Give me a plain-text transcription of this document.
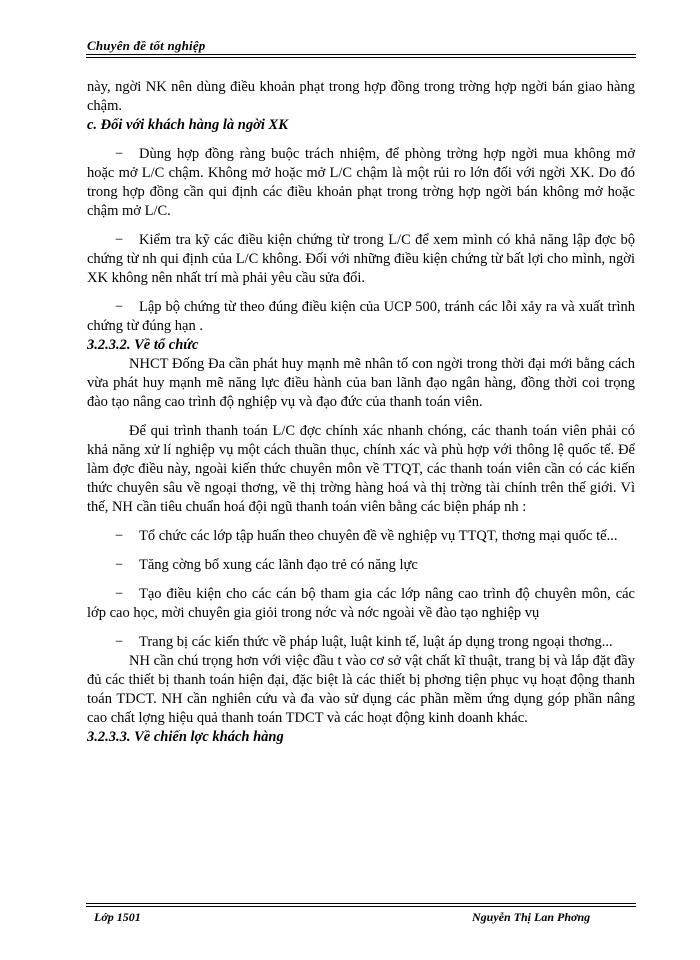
Chuyên đề tốt nghiệp

này, ngời NK nên dùng điều khoản phạt trong hợp đồng trong trờng hợp ngời bán giao hàng chậm.

c. Đối với khách hàng là ngời XK

− Dùng hợp đồng ràng buộc trách nhiệm, để phòng trờng hợp ngời mua không mở hoặc mở L/C chậm. Không mở hoặc mở L/C chậm là một rủi ro lớn đối với ngời XK. Do đó trong hợp đồng cần qui định các điều khoản phạt trong trờng hợp ngời bán không mở hoặc chậm mở L/C.

− Kiểm tra kỹ các điều kiện chứng từ trong L/C để xem mình có khả năng lập đợc bộ chứng từ nh qui định của L/C không. Đối với những điều kiện chứng từ bất lợi cho mình, ngời XK không nên nhất trí mà phải yêu cầu sửa đổi.

− Lập bộ chứng từ theo đúng điều kiện của UCP 500, tránh các lỗi xảy ra và xuất trình chứng từ đúng hạn .

3.2.3.2. Về tổ chức

NHCT Đống Đa cần phát huy mạnh mẽ nhân tố con ngời trong thời đại mới bằng cách vừa phát huy mạnh mẽ năng lực điều hành của ban lãnh đạo ngân hàng, đồng thời coi trọng đào tạo nâng cao trình độ nghiệp vụ và đạo đức của thanh toán viên.

Để qui trình thanh toán L/C đợc chính xác nhanh chóng, các thanh toán viên phải có khả năng xử lí nghiệp vụ một cách thuần thục, chính xác và phù hợp với thông lệ quốc tế. Để làm đợc điều này, ngoài kiến thức chuyên môn về TTQT, các thanh toán viên cần có các kiến thức chuyên sâu về ngoại thơng, về thị trờng hàng hoá và thị trờng tài chính trên thế giới. Vì thế, NH cần tiêu chuẩn hoá đội ngũ thanh toán viên bằng các biện pháp nh :

− Tổ chức các lớp tập huấn theo chuyên đề về nghiệp vụ TTQT, thơng mại quốc tế...

− Tăng cờng bổ xung các lãnh đạo trẻ có năng lực

− Tạo điều kiện cho các cán bộ tham gia các lớp nâng cao trình độ chuyên môn, các lớp cao học, mời chuyên gia giỏi trong nớc và nớc ngoài về đào tạo nghiệp vụ

− Trang bị các kiến thức về pháp luật, luật kinh tế, luật áp dụng trong ngoại thơng...

NH cần chú trọng hơn với việc đầu t vào cơ sở vật chất kĩ thuật, trang bị và lắp đặt đầy đủ các thiết bị thanh toán hiện đại, đặc biệt là các thiết bị phơng tiện phục vụ hoạt động thanh toán TDCT. NH cần nghiên cứu và đa vào sử dụng các phần mềm ứng dụng góp phần nâng cao chất lợng hiệu quả thanh toán TDCT và các hoạt động kinh doanh khác.

3.2.3.3. Về chiến lợc khách hàng

Lớp 1501	Nguyễn Thị Lan Phơng
